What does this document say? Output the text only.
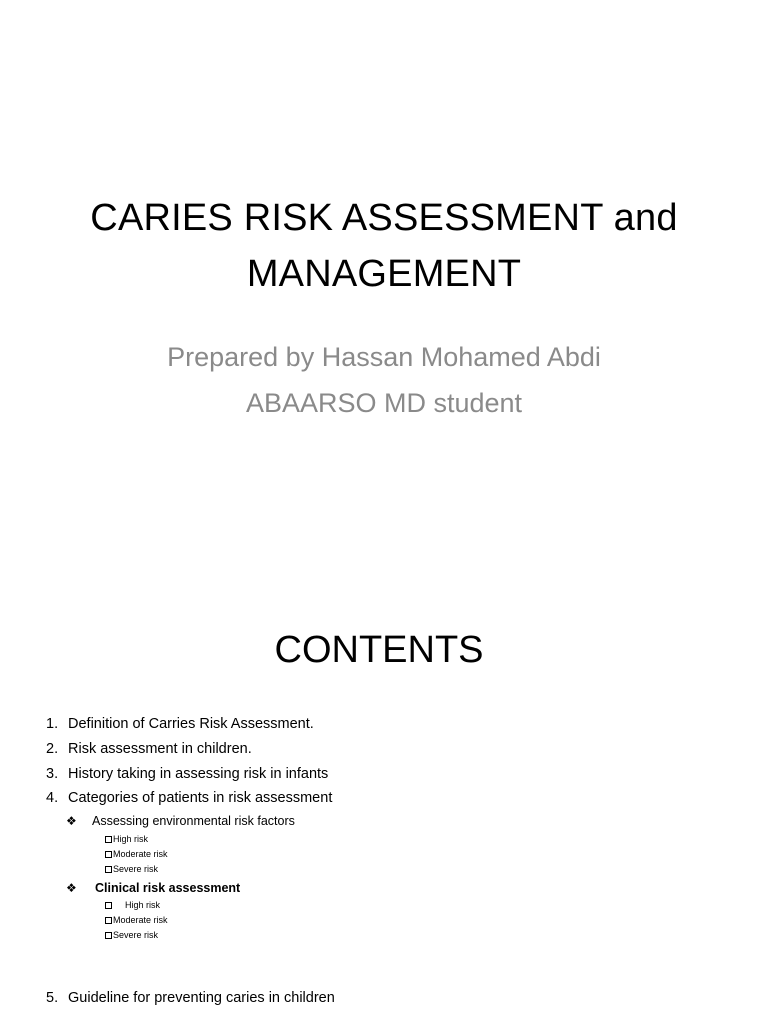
CARIES RISK ASSESSMENT and
MANAGEMENT
Prepared by Hassan Mohamed Abdi
ABAARSO MD student
CONTENTS
1. Definition of Carries Risk Assessment.
2. Risk assessment in children.
3. History taking in assessing risk in infants
4. Categories of patients in risk assessment
❖ Assessing environmental risk factors
High risk
Moderate risk
Severe risk
❖ Clinical risk assessment
High risk
Moderate risk
Severe risk
5. Guideline for preventing caries in children
